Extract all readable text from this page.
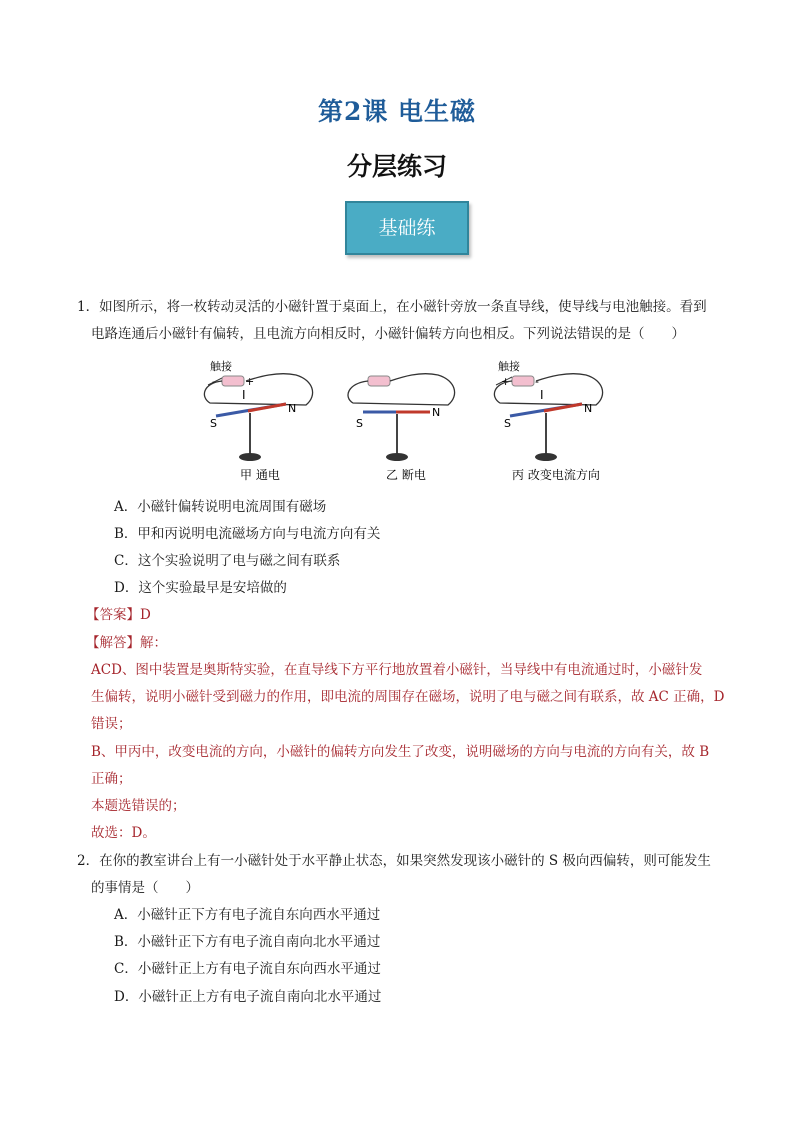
第2课 电生磁
分层练习
基础练
1．如图所示，将一枚转动灵活的小磁针置于桌面上，在小磁针旁放一条直导线，使导线与电池触接。看到
电路连通后小磁针有偏转，且电流方向相反时，小磁针偏转方向也相反。下列说法错误的是（　　）
触接
-	+
I
S
N
甲 通电
S
N
乙 断电
触接
+ -
I
S
N
丙 改变电流方向
A．小磁针偏转说明电流周围有磁场
B．甲和丙说明电流磁场方向与电流方向有关
C．这个实验说明了电与磁之间有联系
D．这个实验最早是安培做的
【答案】D
【解答】解：
ACD、图中装置是奥斯特实验，在直导线下方平行地放置着小磁针，当导线中有电流通过时，小磁针发
生偏转，说明小磁针受到磁力的作用，即电流的周围存在磁场，说明了电与磁之间有联系，故 AC 正确，D
错误；
B、甲丙中，改变电流的方向，小磁针的偏转方向发生了改变，说明磁场的方向与电流的方向有关，故 B
正确；
本题选错误的；
故选：D。
2．在你的教室讲台上有一小磁针处于水平静止状态，如果突然发现该小磁针的 S 极向西偏转，则可能发生
的事情是（　　）
A．小磁针正下方有电子流自东向西水平通过
B．小磁针正下方有电子流自南向北水平通过
C．小磁针正上方有电子流自东向西水平通过
D．小磁针正上方有电子流自南向北水平通过
